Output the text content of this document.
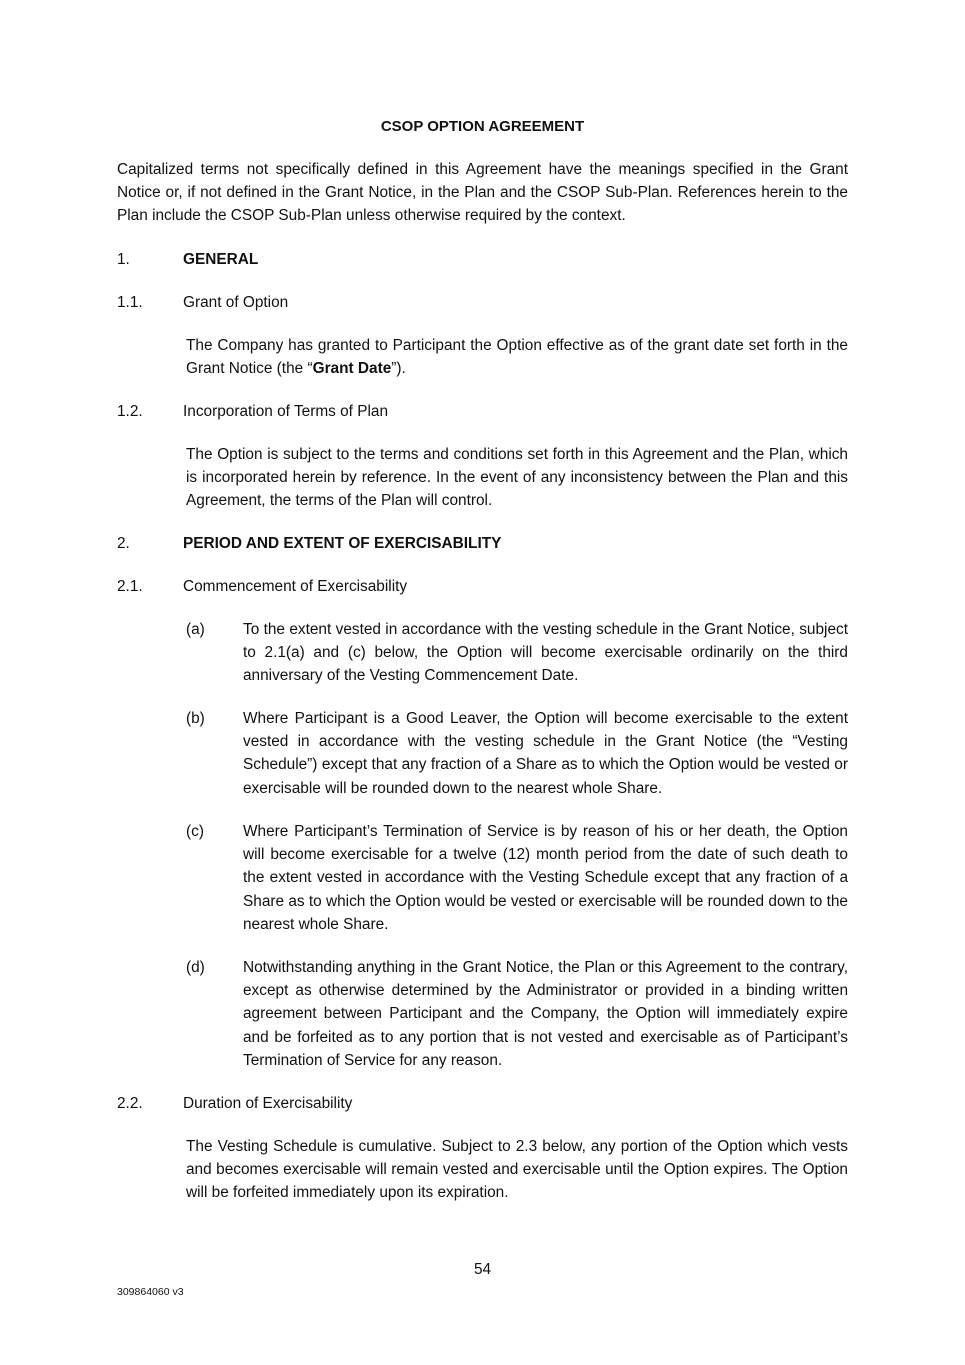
CSOP OPTION AGREEMENT
Capitalized terms not specifically defined in this Agreement have the meanings specified in the Grant Notice or, if not defined in the Grant Notice, in the Plan and the CSOP Sub-Plan. References herein to the Plan include the CSOP Sub-Plan unless otherwise required by the context.
1.	GENERAL
1.1.	Grant of Option
The Company has granted to Participant the Option effective as of the grant date set forth in the Grant Notice (the “Grant Date”).
1.2.	Incorporation of Terms of Plan
The Option is subject to the terms and conditions set forth in this Agreement and the Plan, which is incorporated herein by reference. In the event of any inconsistency between the Plan and this Agreement, the terms of the Plan will control.
2.	PERIOD AND EXTENT OF EXERCISABILITY
2.1.	Commencement of Exercisability
(a) To the extent vested in accordance with the vesting schedule in the Grant Notice, subject to 2.1(a) and (c) below, the Option will become exercisable ordinarily on the third anniversary of the Vesting Commencement Date.
(b) Where Participant is a Good Leaver, the Option will become exercisable to the extent vested in accordance with the vesting schedule in the Grant Notice (the “Vesting Schedule”) except that any fraction of a Share as to which the Option would be vested or exercisable will be rounded down to the nearest whole Share.
(c)	Where Participant’s Termination of Service is by reason of his or her death, the Option will become exercisable for a twelve (12) month period from the date of such death to the extent vested in accordance with the Vesting Schedule except that any fraction of a Share as to which the Option would be vested or exercisable will be rounded down to the nearest whole Share.
(d) Notwithstanding anything in the Grant Notice, the Plan or this Agreement to the contrary, except as otherwise determined by the Administrator or provided in a binding written agreement between Participant and the Company, the Option will immediately expire and be forfeited as to any portion that is not vested and exercisable as of Participant’s Termination of Service for any reason.
2.2.	Duration of Exercisability
The Vesting Schedule is cumulative. Subject to 2.3 below, any portion of the Option which vests and becomes exercisable will remain vested and exercisable until the Option expires. The Option will be forfeited immediately upon its expiration.
54
309864060 v3
